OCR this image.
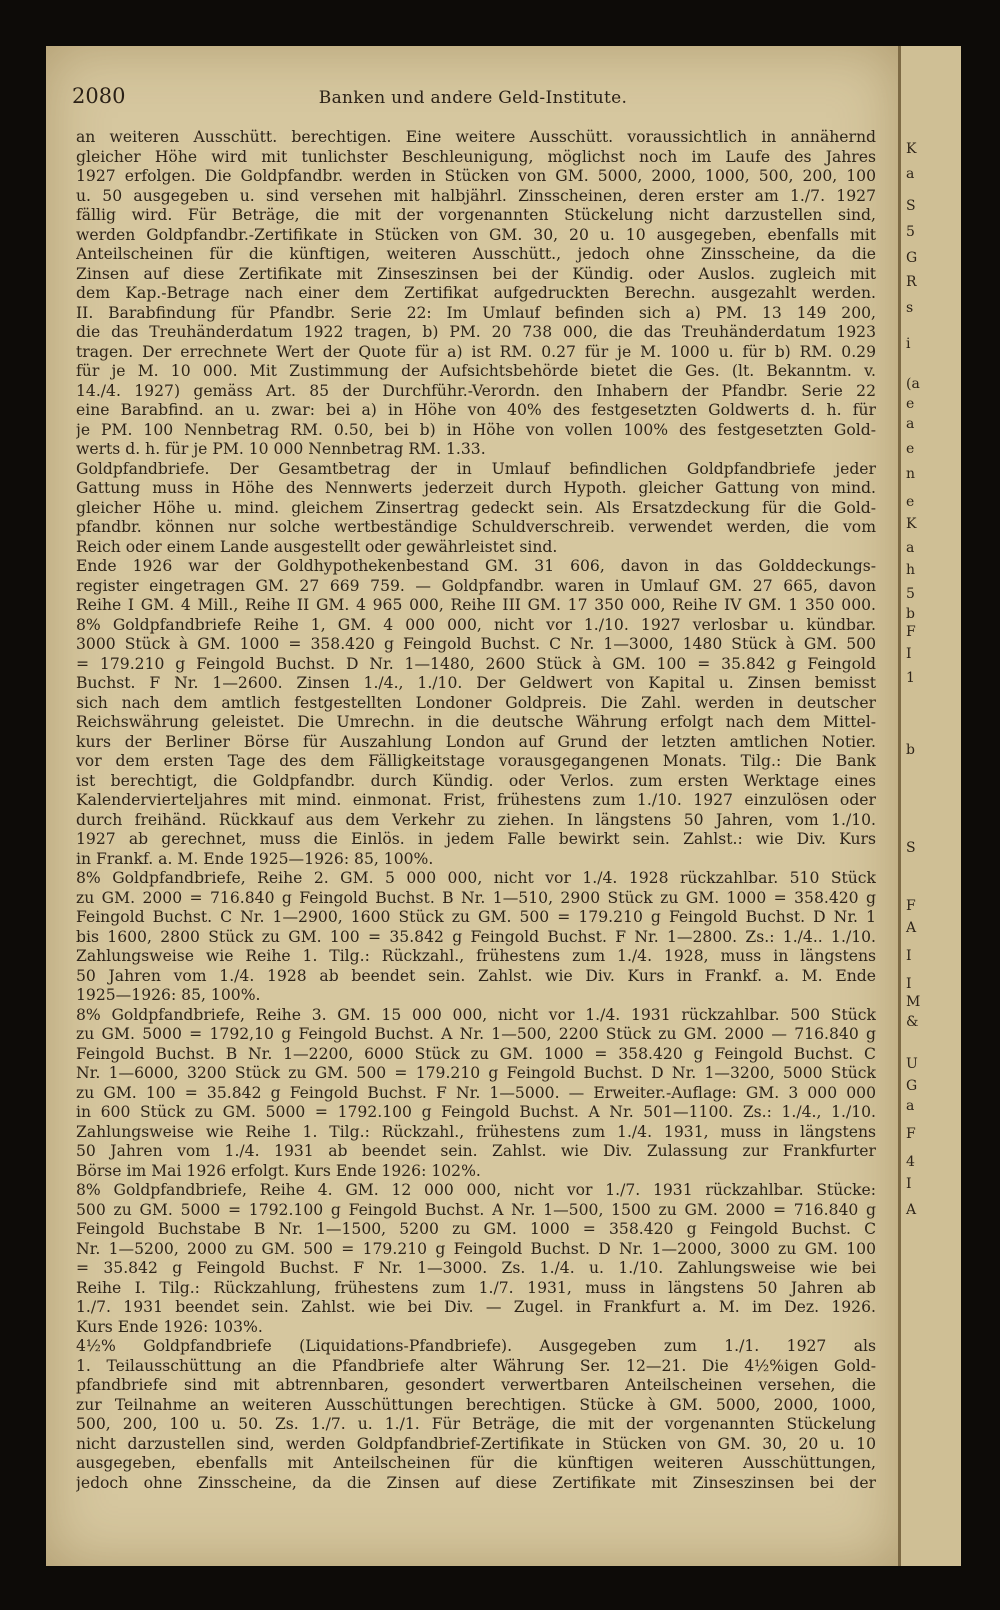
2080	Banken und andere Geld-Institute.
an weiteren Ausschütt. berechtigen. Eine weitere Ausschütt. voraussichtlich in annähernd
gleicher Höhe wird mit tunlichster Beschleunigung, möglichst noch im Laufe des Jahres
1927 erfolgen. Die Goldpfandbr. werden in Stücken von GM. 5000, 2000, 1000, 500, 200, 100
u. 50 ausgegeben u. sind versehen mit halbjährl. Zinsscheinen, deren erster am 1./7. 1927
fällig wird. Für Beträge, die mit der vorgenannten Stückelung nicht darzustellen sind,
werden Goldpfandbr.-Zertifikate in Stücken von GM. 30, 20 u. 10 ausgegeben, ebenfalls mit
Anteilscheinen für die künftigen, weiteren Ausschütt., jedoch ohne Zinsscheine, da die
Zinsen auf diese Zertifikate mit Zinseszinsen bei der Kündig. oder Auslos. zugleich mit
dem Kap.-Betrage nach einer dem Zertifikat aufgedruckten Berechn. ausgezahlt werden.
II. Barabfindung für Pfandbr. Serie 22: Im Umlauf befinden sich a) PM. 13 149 200,
die das Treuhänderdatum 1922 tragen, b) PM. 20 738 000, die das Treuhänderdatum 1923
tragen. Der errechnete Wert der Quote für a) ist RM. 0.27 für je M. 1000 u. für b) RM. 0.29
für je M. 10 000. Mit Zustimmung der Aufsichtsbehörde bietet die Ges. (lt. Bekanntm. v.
14./4. 1927) gemäss Art. 85 der Durchführ.-Verordn. den Inhabern der Pfandbr. Serie 22
eine Barabfind. an u. zwar: bei a) in Höhe von 40% des festgesetzten Goldwerts d. h. für
je PM. 100 Nennbetrag RM. 0.50, bei b) in Höhe von vollen 100% des festgesetzten Gold-
werts d. h. für je PM. 10 000 Nennbetrag RM. 1.33.
Goldpfandbriefe. Der Gesamtbetrag der in Umlauf befindlichen Goldpfandbriefe jeder
Gattung muss in Höhe des Nennwerts jederzeit durch Hypoth. gleicher Gattung von mind.
gleicher Höhe u. mind. gleichem Zinsertrag gedeckt sein. Als Ersatzdeckung für die Gold-
pfandbr. können nur solche wertbeständige Schuldverschreib. verwendet werden, die vom
Reich oder einem Lande ausgestellt oder gewährleistet sind.
Ende 1926 war der Goldhypothekenbestand GM. 31 606, davon in das Golddeckungs-
register eingetragen GM. 27 669 759. — Goldpfandbr. waren in Umlauf GM. 27 665, davon
Reihe I GM. 4 Mill., Reihe II GM. 4 965 000, Reihe III GM. 17 350 000, Reihe IV GM. 1 350 000.
8% Goldpfandbriefe Reihe 1, GM. 4 000 000, nicht vor 1./10. 1927 verlosbar u. kündbar.
3000 Stück à GM. 1000 = 358.420 g Feingold Buchst. C Nr. 1—3000, 1480 Stück à GM. 500
= 179.210 g Feingold Buchst. D Nr. 1—1480, 2600 Stück à GM. 100 = 35.842 g Feingold
Buchst. F Nr. 1—2600. Zinsen 1./4., 1./10. Der Geldwert von Kapital u. Zinsen bemisst
sich nach dem amtlich festgestellten Londoner Goldpreis. Die Zahl. werden in deutscher
Reichswährung geleistet. Die Umrechn. in die deutsche Währung erfolgt nach dem Mittel-
kurs der Berliner Börse für Auszahlung London auf Grund der letzten amtlichen Notier.
vor dem ersten Tage des dem Fälligkeitstage vorausgegangenen Monats. Tilg.: Die Bank
ist berechtigt, die Goldpfandbr. durch Kündig. oder Verlos. zum ersten Werktage eines
Kalendervierteljahres mit mind. einmonat. Frist, frühestens zum 1./10. 1927 einzulösen oder
durch freihänd. Rückkauf aus dem Verkehr zu ziehen. In längstens 50 Jahren, vom 1./10.
1927 ab gerechnet, muss die Einlös. in jedem Falle bewirkt sein. Zahlst.: wie Div. Kurs
in Frankf. a. M. Ende 1925—1926: 85, 100%.
8% Goldpfandbriefe, Reihe 2. GM. 5 000 000, nicht vor 1./4. 1928 rückzahlbar. 510 Stück
zu GM. 2000 = 716.840 g Feingold Buchst. B Nr. 1—510, 2900 Stück zu GM. 1000 = 358.420 g
Feingold Buchst. C Nr. 1—2900, 1600 Stück zu GM. 500 = 179.210 g Feingold Buchst. D Nr. 1
bis 1600, 2800 Stück zu GM. 100 = 35.842 g Feingold Buchst. F Nr. 1—2800. Zs.: 1./4.. 1./10.
Zahlungsweise wie Reihe 1. Tilg.: Rückzahl., frühestens zum 1./4. 1928, muss in längstens
50 Jahren vom 1./4. 1928 ab beendet sein. Zahlst. wie Div. Kurs in Frankf. a. M. Ende
1925—1926: 85, 100%.
8% Goldpfandbriefe, Reihe 3. GM. 15 000 000, nicht vor 1./4. 1931 rückzahlbar. 500 Stück
zu GM. 5000 = 1792,10 g Feingold Buchst. A Nr. 1—500, 2200 Stück zu GM. 2000 — 716.840 g
Feingold Buchst. B Nr. 1—2200, 6000 Stück zu GM. 1000 = 358.420 g Feingold Buchst. C
Nr. 1—6000, 3200 Stück zu GM. 500 = 179.210 g Feingold Buchst. D Nr. 1—3200, 5000 Stück
zu GM. 100 = 35.842 g Feingold Buchst. F Nr. 1—5000. — Erweiter.-Auflage: GM. 3 000 000
in 600 Stück zu GM. 5000 = 1792.100 g Feingold Buchst. A Nr. 501—1100. Zs.: 1./4., 1./10.
Zahlungsweise wie Reihe 1. Tilg.: Rückzahl., frühestens zum 1./4. 1931, muss in längstens
50 Jahren vom 1./4. 1931 ab beendet sein. Zahlst. wie Div. Zulassung zur Frankfurter
Börse im Mai 1926 erfolgt. Kurs Ende 1926: 102%.
8% Goldpfandbriefe, Reihe 4. GM. 12 000 000, nicht vor 1./7. 1931 rückzahlbar. Stücke:
500 zu GM. 5000 = 1792.100 g Feingold Buchst. A Nr. 1—500, 1500 zu GM. 2000 = 716.840 g
Feingold Buchstabe B Nr. 1—1500, 5200 zu GM. 1000 = 358.420 g Feingold Buchst. C
Nr. 1—5200, 2000 zu GM. 500 = 179.210 g Feingold Buchst. D Nr. 1—2000, 3000 zu GM. 100
= 35.842 g Feingold Buchst. F Nr. 1—3000. Zs. 1./4. u. 1./10. Zahlungsweise wie bei
Reihe I. Tilg.: Rückzahlung, frühestens zum 1./7. 1931, muss in längstens 50 Jahren ab
1./7. 1931 beendet sein. Zahlst. wie bei Div. — Zugel. in Frankfurt a. M. im Dez. 1926.
Kurs Ende 1926: 103%.
4½% Goldpfandbriefe (Liquidations-Pfandbriefe). Ausgegeben zum 1./1. 1927 als
1. Teilausschüttung an die Pfandbriefe alter Währung Ser. 12—21. Die 4½%igen Gold-
pfandbriefe sind mit abtrennbaren, gesondert verwertbaren Anteilscheinen versehen, die
zur Teilnahme an weiteren Ausschüttungen berechtigen. Stücke à GM. 5000, 2000, 1000,
500, 200, 100 u. 50. Zs. 1./7. u. 1./1. Für Beträge, die mit der vorgenannten Stückelung
nicht darzustellen sind, werden Goldpfandbrief-Zertifikate in Stücken von GM. 30, 20 u. 10
ausgegeben, ebenfalls mit Anteilscheinen für die künftigen weiteren Ausschüttungen,
jedoch ohne Zinsscheine, da die Zinsen auf diese Zertifikate mit Zinseszinsen bei der
K
a
S
5
G
R
s
i
(a
e
a
e
n
e
K
a
h
5
b
F
I
1
b
S
F
A
I
I
M
&
U
G
a
F
4
I
A
